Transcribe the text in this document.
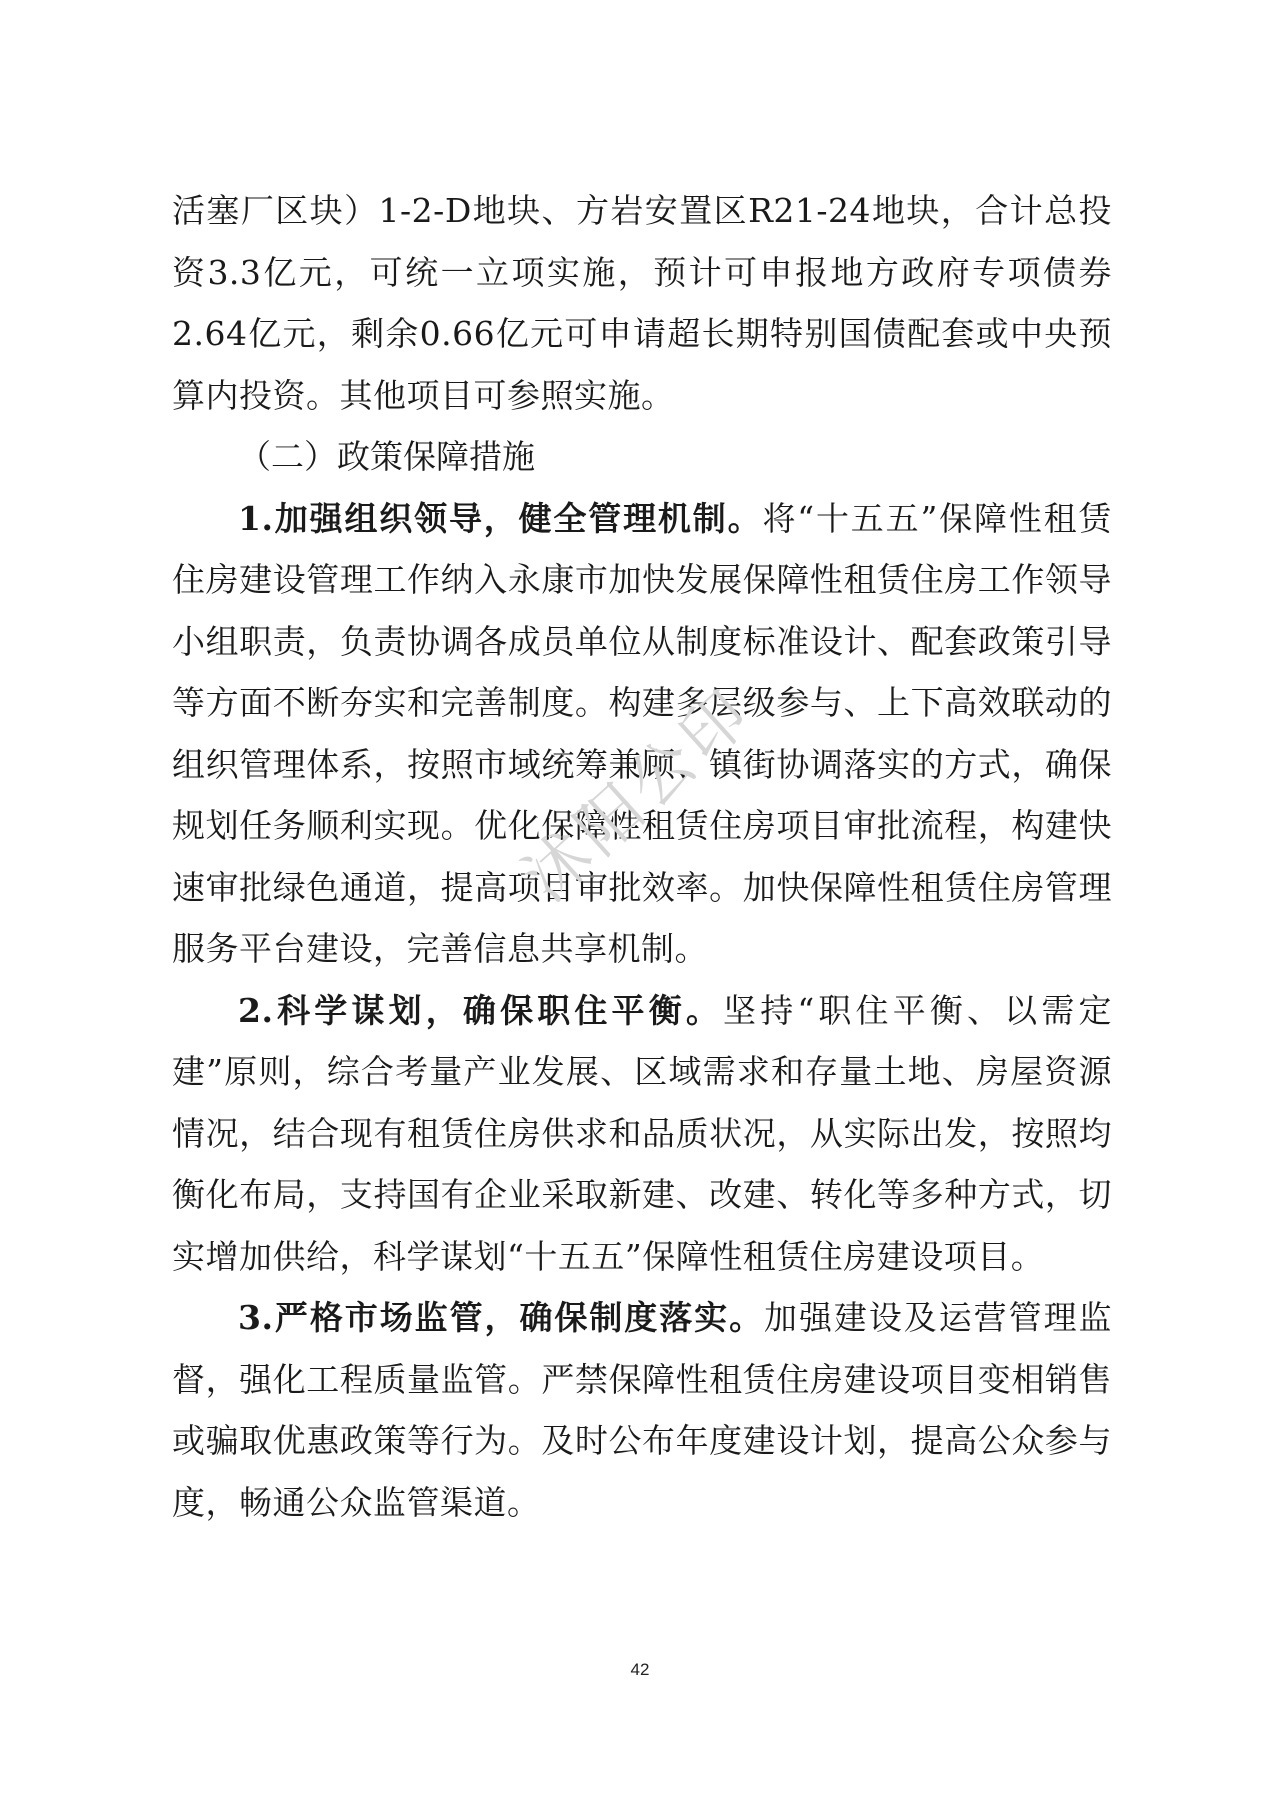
活塞厂区块）1-2-D地块、方岩安置区R21-24地块，合计总投资3.3亿元，可统一立项实施，预计可申报地方政府专项债券2.64亿元，剩余0.66亿元可申请超长期特别国债配套或中央预算内投资。其他项目可参照实施。

（二）政策保障措施

1.加强组织领导，健全管理机制。将“十五五”保障性租赁住房建设管理工作纳入永康市加快发展保障性租赁住房工作领导小组职责，负责协调各成员单位从制度标准设计、配套政策引导等方面不断夯实和完善制度。构建多层级参与、上下高效联动的组织管理体系，按照市域统筹兼顾、镇街协调落实的方式，确保规划任务顺利实现。优化保障性租赁住房项目审批流程，构建快速审批绿色通道，提高项目审批效率。加快保障性租赁住房管理服务平台建设，完善信息共享机制。

2.科学谋划，确保职住平衡。坚持“职住平衡、以需定建”原则，综合考量产业发展、区域需求和存量土地、房屋资源情况，结合现有租赁住房供求和品质状况，从实际出发，按照均衡化布局，支持国有企业采取新建、改建、转化等多种方式，切实增加供给，科学谋划“十五五”保障性租赁住房建设项目。

3.严格市场监管，确保制度落实。加强建设及运营管理监督，强化工程质量监管。严禁保障性租赁住房建设项目变相销售或骗取优惠政策等行为。及时公布年度建设计划，提高公众参与度，畅通公众监管渠道。

沭阳公印
42
